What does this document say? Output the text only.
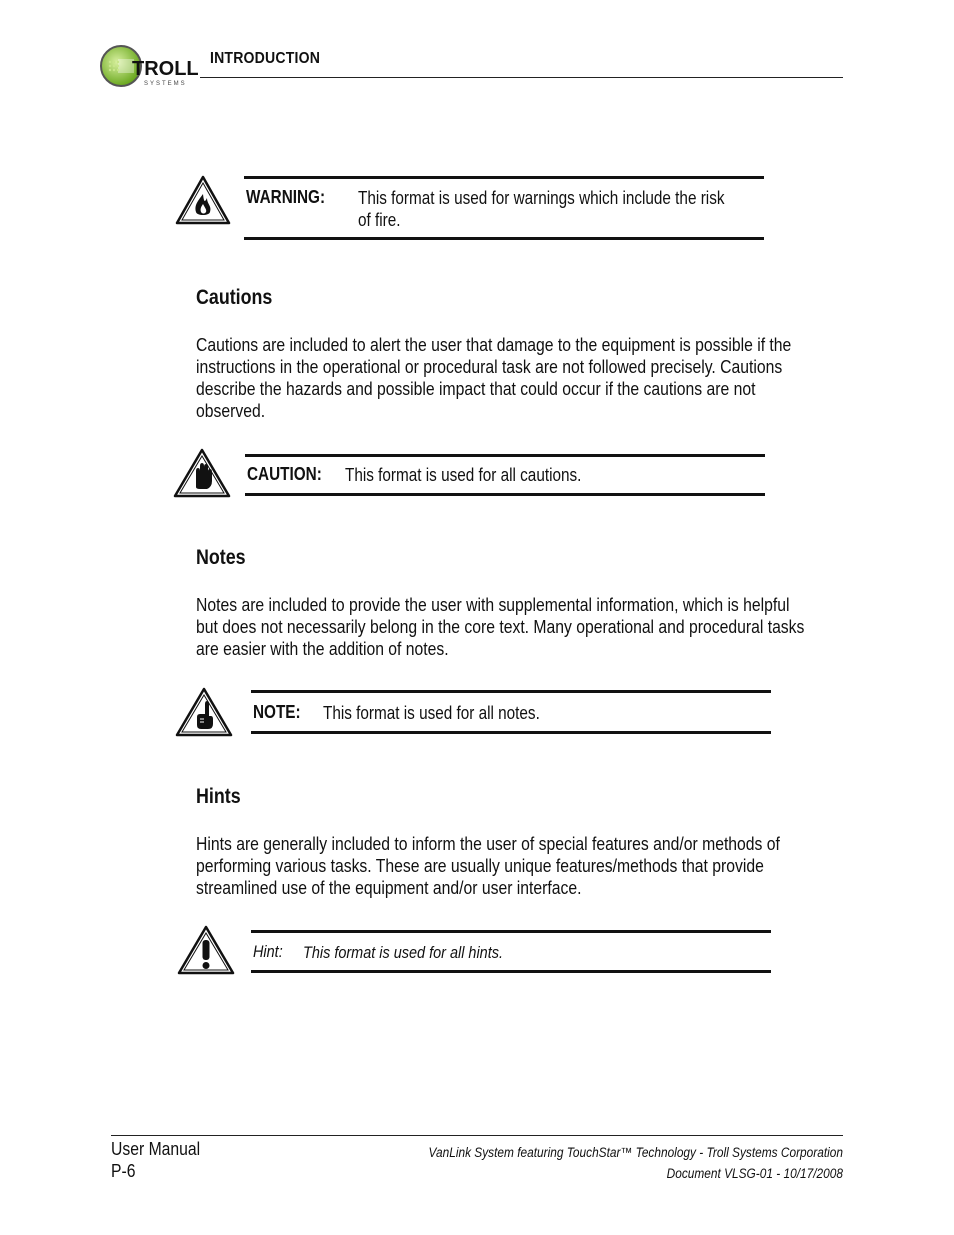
TROLL
SYSTEMS
INTRODUCTION
WARNING: This format is used for warnings which include the risk
of fire.
Cautions
Cautions are included to alert the user that damage to the equipment is possible if the
instructions in the operational or procedural task are not followed precisely. Cautions
describe the hazards and possible impact that could occur if the cautions are not
observed.
CAUTION: This format is used for all cautions.
Notes
Notes are included to provide the user with supplemental information, which is helpful
but does not necessarily belong in the core text. Many operational and procedural tasks
are easier with the addition of notes.
NOTE: This format is used for all notes.
Hints
Hints are generally included to inform the user of special features and/or methods of
performing various tasks. These are usually unique features/methods that provide
streamlined use of the equipment and/or user interface.
Hint: This format is used for all hints.
User Manual
P-6
VanLink System featuring TouchStar™ Technology - Troll Systems Corporation
Document VLSG-01 - 10/17/2008
